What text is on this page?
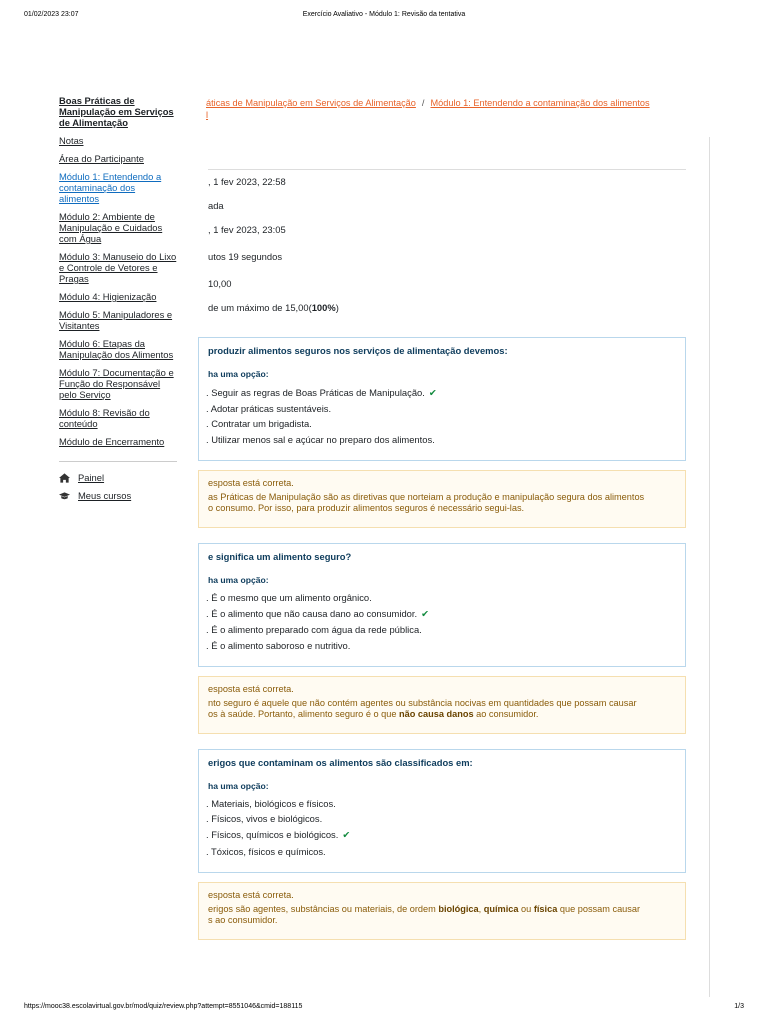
01/02/2023 23:07	Exercício Avaliativo - Módulo 1: Revisão da tentativa
Boas Práticas de Manipulação em Serviços de Alimentação
Notas
Área do Participante
Módulo 1: Entendendo a contaminação dos alimentos
Módulo 2: Ambiente de Manipulação e Cuidados com Água
Módulo 3: Manuseio do Lixo e Controle de Vetores e Pragas
Módulo 4: Higienização
Módulo 5: Manipuladores e Visitantes
Módulo 6: Etapas da Manipulação dos Alimentos
Módulo 7: Documentação e Função do Responsável pelo Serviço
Módulo 8: Revisão do conteúdo
Módulo de Encerramento
Painel
Meus cursos
áticas de Manipulação em Serviços de Alimentação / Módulo 1: Entendendo a contaminação dos alimentos
l
, 1 fev 2023, 22:58
ada
, 1 fev 2023, 23:05
utos 19 segundos
10,00
de um máximo de 15,00(100%)
produzir alimentos seguros nos serviços de alimentação devemos:
ha uma opção:
. Seguir as regras de Boas Práticas de Manipulação. ✔
. Adotar práticas sustentáveis.
. Contratar um brigadista.
. Utilizar menos sal e açúcar no preparo dos alimentos.
esposta está correta.
as Práticas de Manipulação são as diretivas que norteiam a produção e manipulação segura dos alimentos
o consumo. Por isso, para produzir alimentos seguros é necessário segui-las.
e significa um alimento seguro?
ha uma opção:
. É o mesmo que um alimento orgânico.
. É o alimento que não causa dano ao consumidor. ✔
. É o alimento preparado com água da rede pública.
. É o alimento saboroso e nutritivo.
esposta está correta.
nto seguro é aquele que não contém agentes ou substância nocivas em quantidades que possam causar
os à saúde. Portanto, alimento seguro é o que não causa danos ao consumidor.
erigos que contaminam os alimentos são classificados em:
ha uma opção:
. Materiais, biológicos e físicos.
. Físicos, vivos e biológicos.
. Físicos, químicos e biológicos. ✔
. Tóxicos, físicos e químicos.
esposta está correta.
erigos são agentes, substâncias ou materiais, de ordem biológica, química ou física que possam causar
s ao consumidor.
https://mooc38.escolavirtual.gov.br/mod/quiz/review.php?attempt=8551046&cmid=188115	1/3
